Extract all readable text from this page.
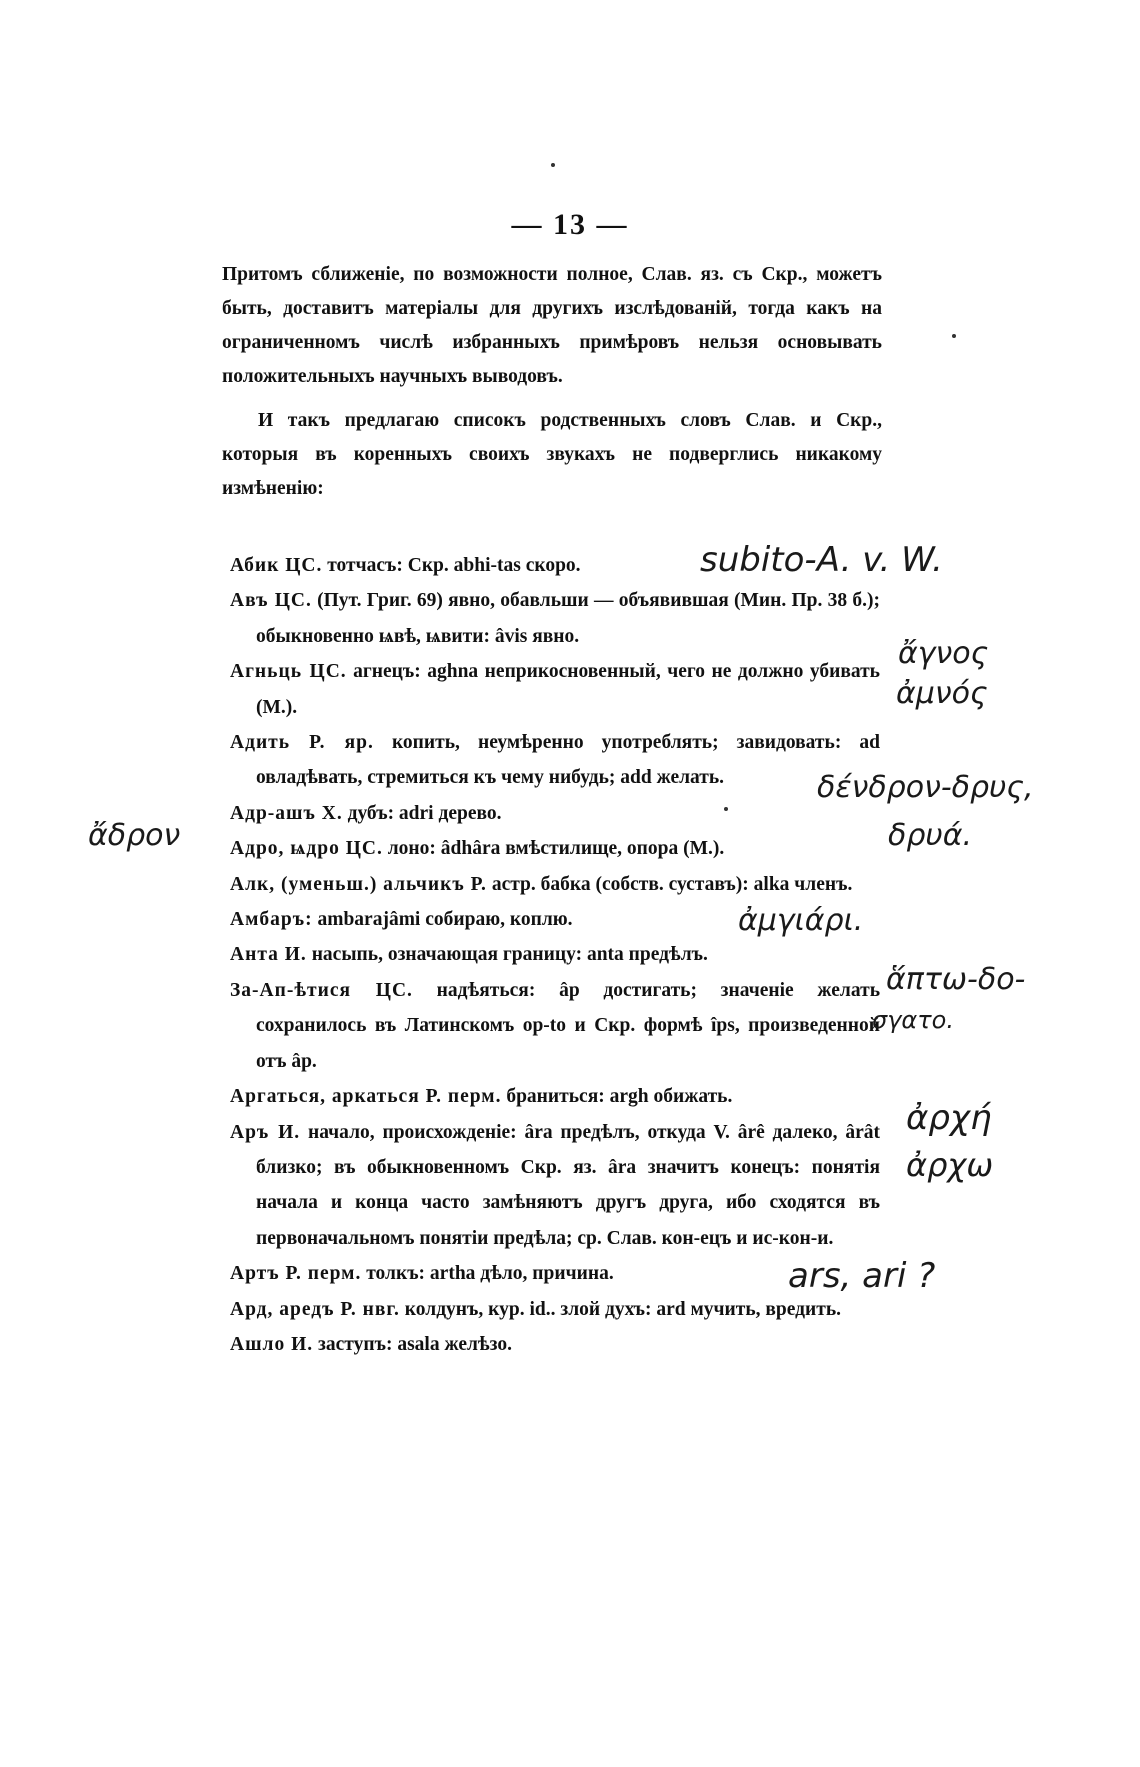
— 13 —

Притомъ сближеніе, по возможности полное, Слав. яз. съ Скр., можетъ быть, доставитъ матеріалы для другихъ изслѣдованій, тогда какъ на ограниченномъ числѣ избранныхъ примѣровъ нельзя основывать положительныхъ научныхъ выводовъ.

И такъ предлагаю списокъ родственныхъ словъ Слав. и Скр., которыя въ коренныхъ своихъ звукахъ не подверглись никакому измѣненію:

Абик ЦС. тотчасъ: Скр. abhi-tas скоро.
Авъ ЦС. (Пут. Григ. 69) явно, обавльши — объявившая (Мин. Пр. 38 б.); обыкновенно ѩвѣ, ѩвити: âvis явно.
Агньць ЦС. агнецъ: aghna неприкосновенный, чего не должно убивать (М.).
Адить Р. яр. копить, неумѣренно употреблять; завидовать: ad овладѣвать, стремиться къ чему нибудь; add желать.
Адр-ашъ Х. дубъ: adri дерево.
Адро, ѩдро ЦС. лоно: âdhâra вмѣстилище, опора (М.).
Алк, (уменьш.) альчикъ Р. астр. бабка (собств. суставъ): alka членъ.
Амбаръ: ambarajâmi собираю, коплю.
Анта И. насыпь, означающая границу: anta предѣлъ.
За-Ап-ѣтися ЦС. надѣяться: âp достигать; значеніе желать сохранилось въ Латинскомъ op-to и Скр. формѣ îps, произведенной отъ âp.
Аргаться, аркаться Р. перм. браниться: argh обижать.
Аръ И. начало, происхожденіе: âra предѣлъ, откуда V. ârê далеко, ârât близко; въ обыкновенномъ Скр. яз. âra значитъ конецъ: понятія начала и конца часто замѣняютъ другъ друга, ибо сходятся въ первоначальномъ понятіи предѣла; ср. Слав. кон-ецъ и ис-кон-и.
Артъ Р. перм. толкъ: artha дѣло, причина.
Ард, аредъ Р. нвг. колдунъ, кур. id.. злой духъ: ard мучить, вредить.
Ашло И. заступъ: asala желѣзо.
subito-A. v. W.
ἄγνος
ἀμνός
δένδρον-δρυς,
δρυά.
ἄδρον
ἀμγιάρι.
ἅπτω-δο-
σγατο.
ἀρχή
ἀρχω
ars, ari ?
